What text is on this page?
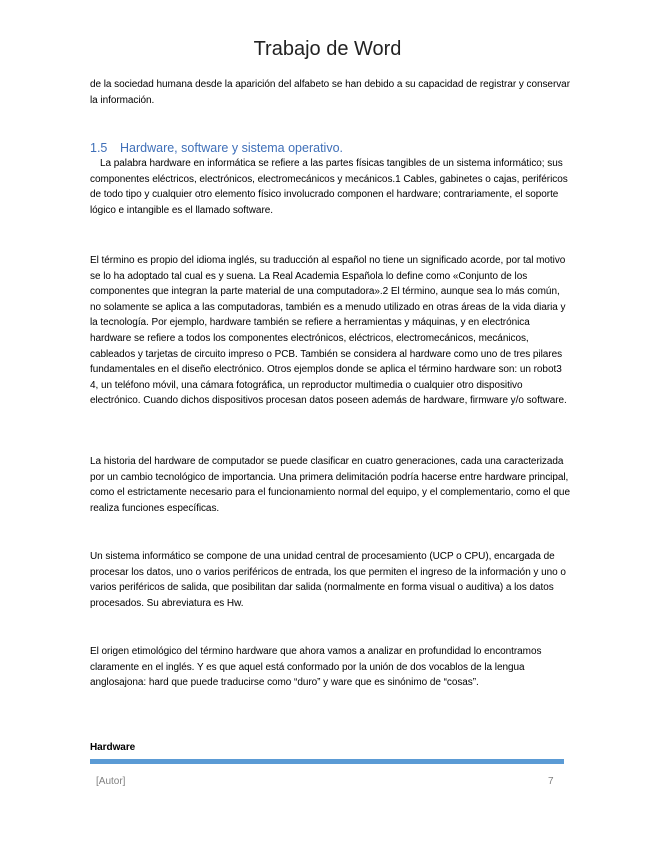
Trabajo de Word
de la sociedad humana desde la aparición del alfabeto se han debido a su capacidad de registrar y conservar la información.
1.5 Hardware, software y sistema operativo.
La palabra hardware en informática se refiere a las partes físicas tangibles de un sistema informático; sus componentes eléctricos, electrónicos, electromecánicos y mecánicos.1 Cables, gabinetes o cajas, periféricos de todo tipo y cualquier otro elemento físico involucrado componen el hardware; contrariamente, el soporte lógico e intangible es el llamado software.
El término es propio del idioma inglés, su traducción al español no tiene un significado acorde, por tal motivo se lo ha adoptado tal cual es y suena. La Real Academia Española lo define como «Conjunto de los componentes que integran la parte material de una computadora».2 El término, aunque sea lo más común, no solamente se aplica a las computadoras, también es a menudo utilizado en otras áreas de la vida diaria y la tecnología. Por ejemplo, hardware también se refiere a herramientas y máquinas, y en electrónica hardware se refiere a todos los componentes electrónicos, eléctricos, electromecánicos, mecánicos, cableados y tarjetas de circuito impreso o PCB. También se considera al hardware como uno de tres pilares fundamentales en el diseño electrónico. Otros ejemplos donde se aplica el término hardware son: un robot3 4, un teléfono móvil, una cámara fotográfica, un reproductor multimedia o cualquier otro dispositivo electrónico. Cuando dichos dispositivos procesan datos poseen además de hardware, firmware y/o software.
La historia del hardware de computador se puede clasificar en cuatro generaciones, cada una caracterizada por un cambio tecnológico de importancia. Una primera delimitación podría hacerse entre hardware principal, como el estrictamente necesario para el funcionamiento normal del equipo, y el complementario, como el que realiza funciones específicas.
Un sistema informático se compone de una unidad central de procesamiento (UCP o CPU), encargada de procesar los datos, uno o varios periféricos de entrada, los que permiten el ingreso de la información y uno o varios periféricos de salida, que posibilitan dar salida (normalmente en forma visual o auditiva) a los datos procesados. Su abreviatura es Hw.
El origen etimológico del término hardware que ahora vamos a analizar en profundidad lo encontramos claramente en el inglés. Y es que aquel está conformado por la unión de dos vocablos de la lengua anglosajona: hard que puede traducirse como “duro” y ware que es sinónimo de “cosas”.
Hardware
[Autor]	7
